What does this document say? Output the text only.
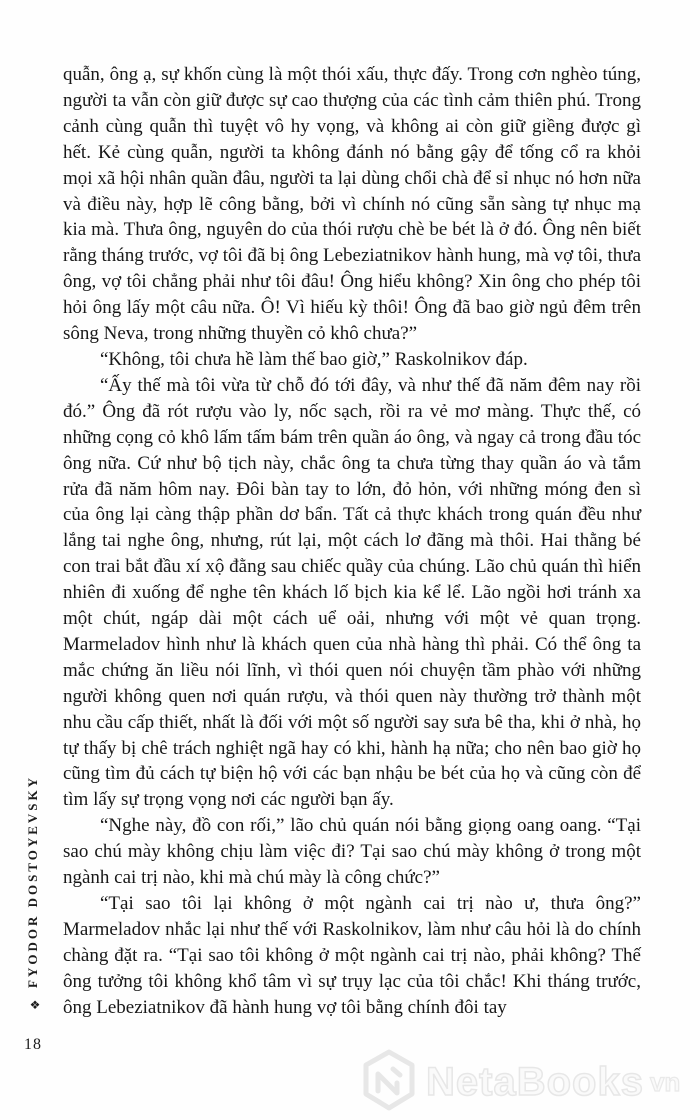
quẫn, ông ạ, sự khốn cùng là một thói xấu, thực đấy. Trong cơn nghèo túng, người ta vẫn còn giữ được sự cao thượng của các tình cảm thiên phú. Trong cảnh cùng quẫn thì tuyệt vô hy vọng, và không ai còn giữ giềng được gì hết. Kẻ cùng quẫn, người ta không đánh nó bằng gậy để tống cổ ra khỏi mọi xã hội nhân quần đâu, người ta lại dùng chổi chà để sỉ nhục nó hơn nữa và điều này, hợp lẽ công bằng, bởi vì chính nó cũng sẵn sàng tự nhục mạ kia mà. Thưa ông, nguyên do của thói rượu chè be bét là ở đó. Ông nên biết rằng tháng trước, vợ tôi đã bị ông Lebeziatnikov hành hung, mà vợ tôi, thưa ông, vợ tôi chẳng phải như tôi đâu! Ông hiểu không? Xin ông cho phép tôi hỏi ông lấy một câu nữa. Ô! Vì hiếu kỳ thôi! Ông đã bao giờ ngủ đêm trên sông Neva, trong những thuyền cỏ khô chưa?”

“Không, tôi chưa hề làm thế bao giờ,” Raskolnikov đáp.

“Ấy thế mà tôi vừa từ chỗ đó tới đây, và như thế đã năm đêm nay rồi đó.” Ông đã rót rượu vào ly, nốc sạch, rồi ra vẻ mơ màng. Thực thế, có những cọng cỏ khô lấm tấm bám trên quần áo ông, và ngay cả trong đầu tóc ông nữa. Cứ như bộ tịch này, chắc ông ta chưa từng thay quần áo và tắm rửa đã năm hôm nay. Đôi bàn tay to lớn, đỏ hỏn, với những móng đen sì của ông lại càng thập phần dơ bẩn. Tất cả thực khách trong quán đều như lắng tai nghe ông, nhưng, rút lại, một cách lơ đãng mà thôi. Hai thằng bé con trai bắt đầu xí xộ đằng sau chiếc quầy của chúng. Lão chủ quán thì hiển nhiên đi xuống để nghe tên khách lố bịch kia kể lể. Lão ngồi hơi tránh xa một chút, ngáp dài một cách uể oải, nhưng với một vẻ quan trọng. Marmeladov hình như là khách quen của nhà hàng thì phải. Có thể ông ta mắc chứng ăn liều nói lĩnh, vì thói quen nói chuyện tầm phào với những người không quen nơi quán rượu, và thói quen này thường trở thành một nhu cầu cấp thiết, nhất là đối với một số người say sưa bê tha, khi ở nhà, họ tự thấy bị chê trách nghiệt ngã hay có khi, hành hạ nữa; cho nên bao giờ họ cũng tìm đủ cách tự biện hộ với các bạn nhậu be bét của họ và cũng còn để tìm lấy sự trọng vọng nơi các người bạn ấy.

“Nghe này, đồ con rối,” lão chủ quán nói bằng giọng oang oang. “Tại sao chú mày không chịu làm việc đi? Tại sao chú mày không ở trong một ngành cai trị nào, khi mà chú mày là công chức?”

“Tại sao tôi lại không ở một ngành cai trị nào ư, thưa ông?” Marmeladov nhắc lại như thế với Raskolnikov, làm như câu hỏi là do chính chàng đặt ra. “Tại sao tôi không ở một ngành cai trị nào, phải không? Thế ông tưởng tôi không khổ tâm vì sự trụy lạc của tôi chắc! Khi tháng trước, ông Lebeziatnikov đã hành hung vợ tôi bằng chính đôi tay

FYODOR DOSTOYEVSKY
❖
18
NetaBooks vn
